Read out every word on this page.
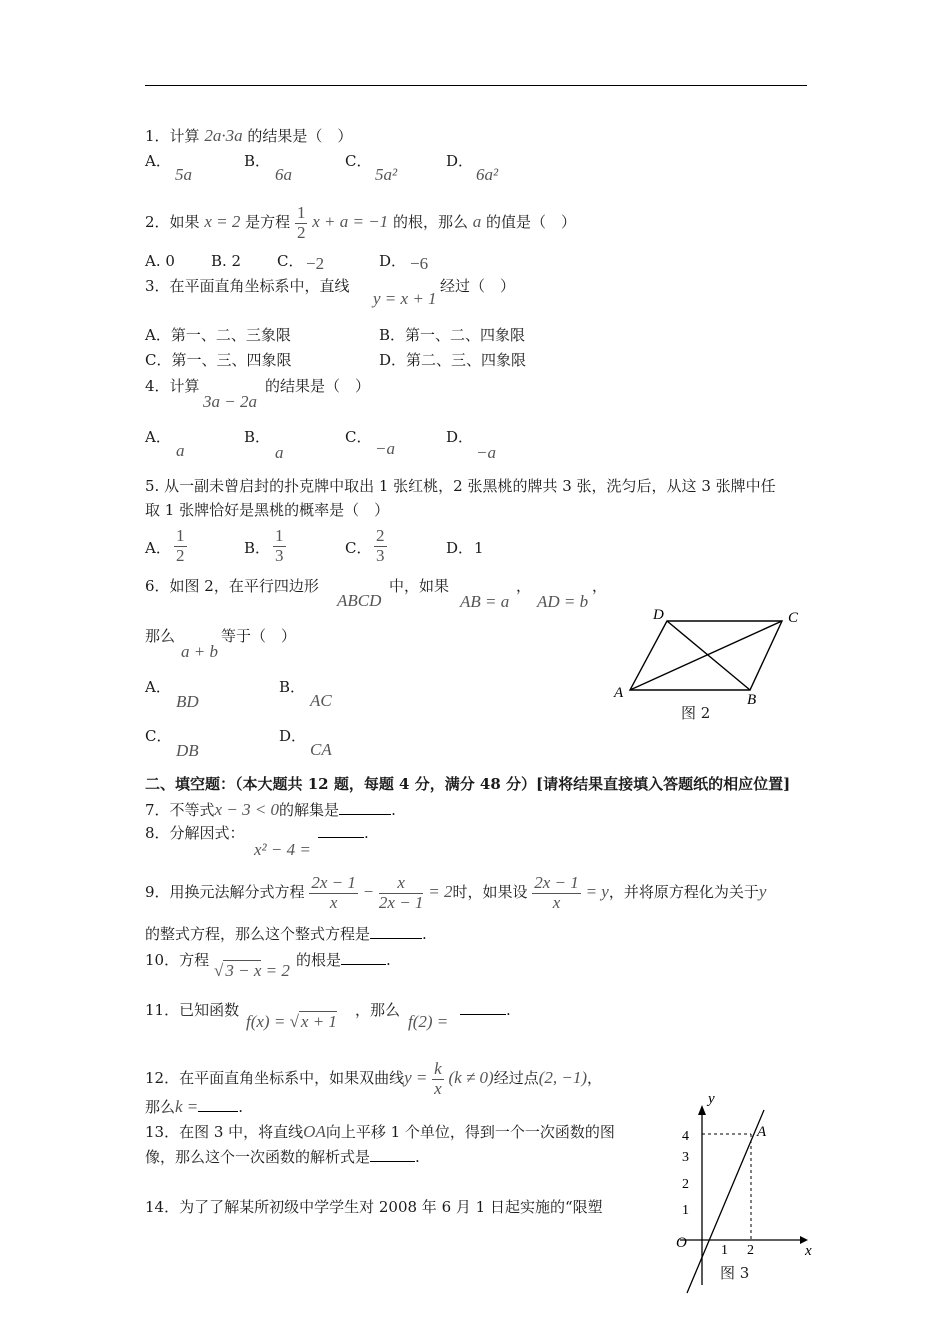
1．计算 2a·3a 的结果是（　）
A．	B．	C．	D．
5a	6a	5a²	6a²
2．如果 x = 2 是方程 $\frac{1}{2}$ x + a = −1 的根，那么 a 的值是（　）
A. 0 B. 2 C． −2	D． −6
3．在平面直角坐标系中，直线
y = x + 1
经过（　）
A．第一、二、三象限	B．第一、二、四象限
C．第一、三、四象限	D．第二、三、四象限
4．计算	的结果是（　）
3a − 2a
A．	B．	C．	D．
a	a	−a	−a
5. 从一副未曾启封的扑克牌中取出 1 张红桃，2 张黑桃的牌共 3 张，洗匀后，从这 3 张牌中任
取 1 张牌恰好是黑桃的概率是（　）
A．	B．	C．	D．
$\frac{1}{2}$	$\frac{1}{3}$	$\frac{2}{3}$	1
6．如图 2，在平行四边形
ABCD
中，如果
AB = a
，
AD = b
，
那么
a + b
等于（　）
A．	B．
C．	D．
BD	AC
DB	CA
A	B
C
D
图 2
二、填空题：（本大题共 12 题，每题 4 分，满分 48 分）[请将结果直接填入答题纸的相应位置]
7．不等式x − 3 < 0的解集是	.
8．分解因式：
x² − 4 =
.
9．用换元法解分式方程 $\frac{2x - 1}{x} - \frac{x}{2x - 1} = 2$时，如果设 $\frac{2x - 1}{x} = y$，并将原方程化为关于y
的整式方程，那么这个整式方程是	.
10．方程
√ 3 − x = 2
的根是	.
11．已知函数
f(x) = √ x + 1
，那么
f(2) =
.
12．在平面直角坐标系中，如果双曲线$y = \frac{k}{x} (k \ne 0)$经过点(2, −1)，
那么k =	.
13．在图 3 中，将直线OA向上平移 1 个单位，得到一个一次函数的图
像，那么这个一次函数的解析式是	.
14．为了了解某所初级中学学生对 2008 年 6 月 1 日起实施的“限塑
x
y
O
A
1 2
1
2
3
4
图 3
